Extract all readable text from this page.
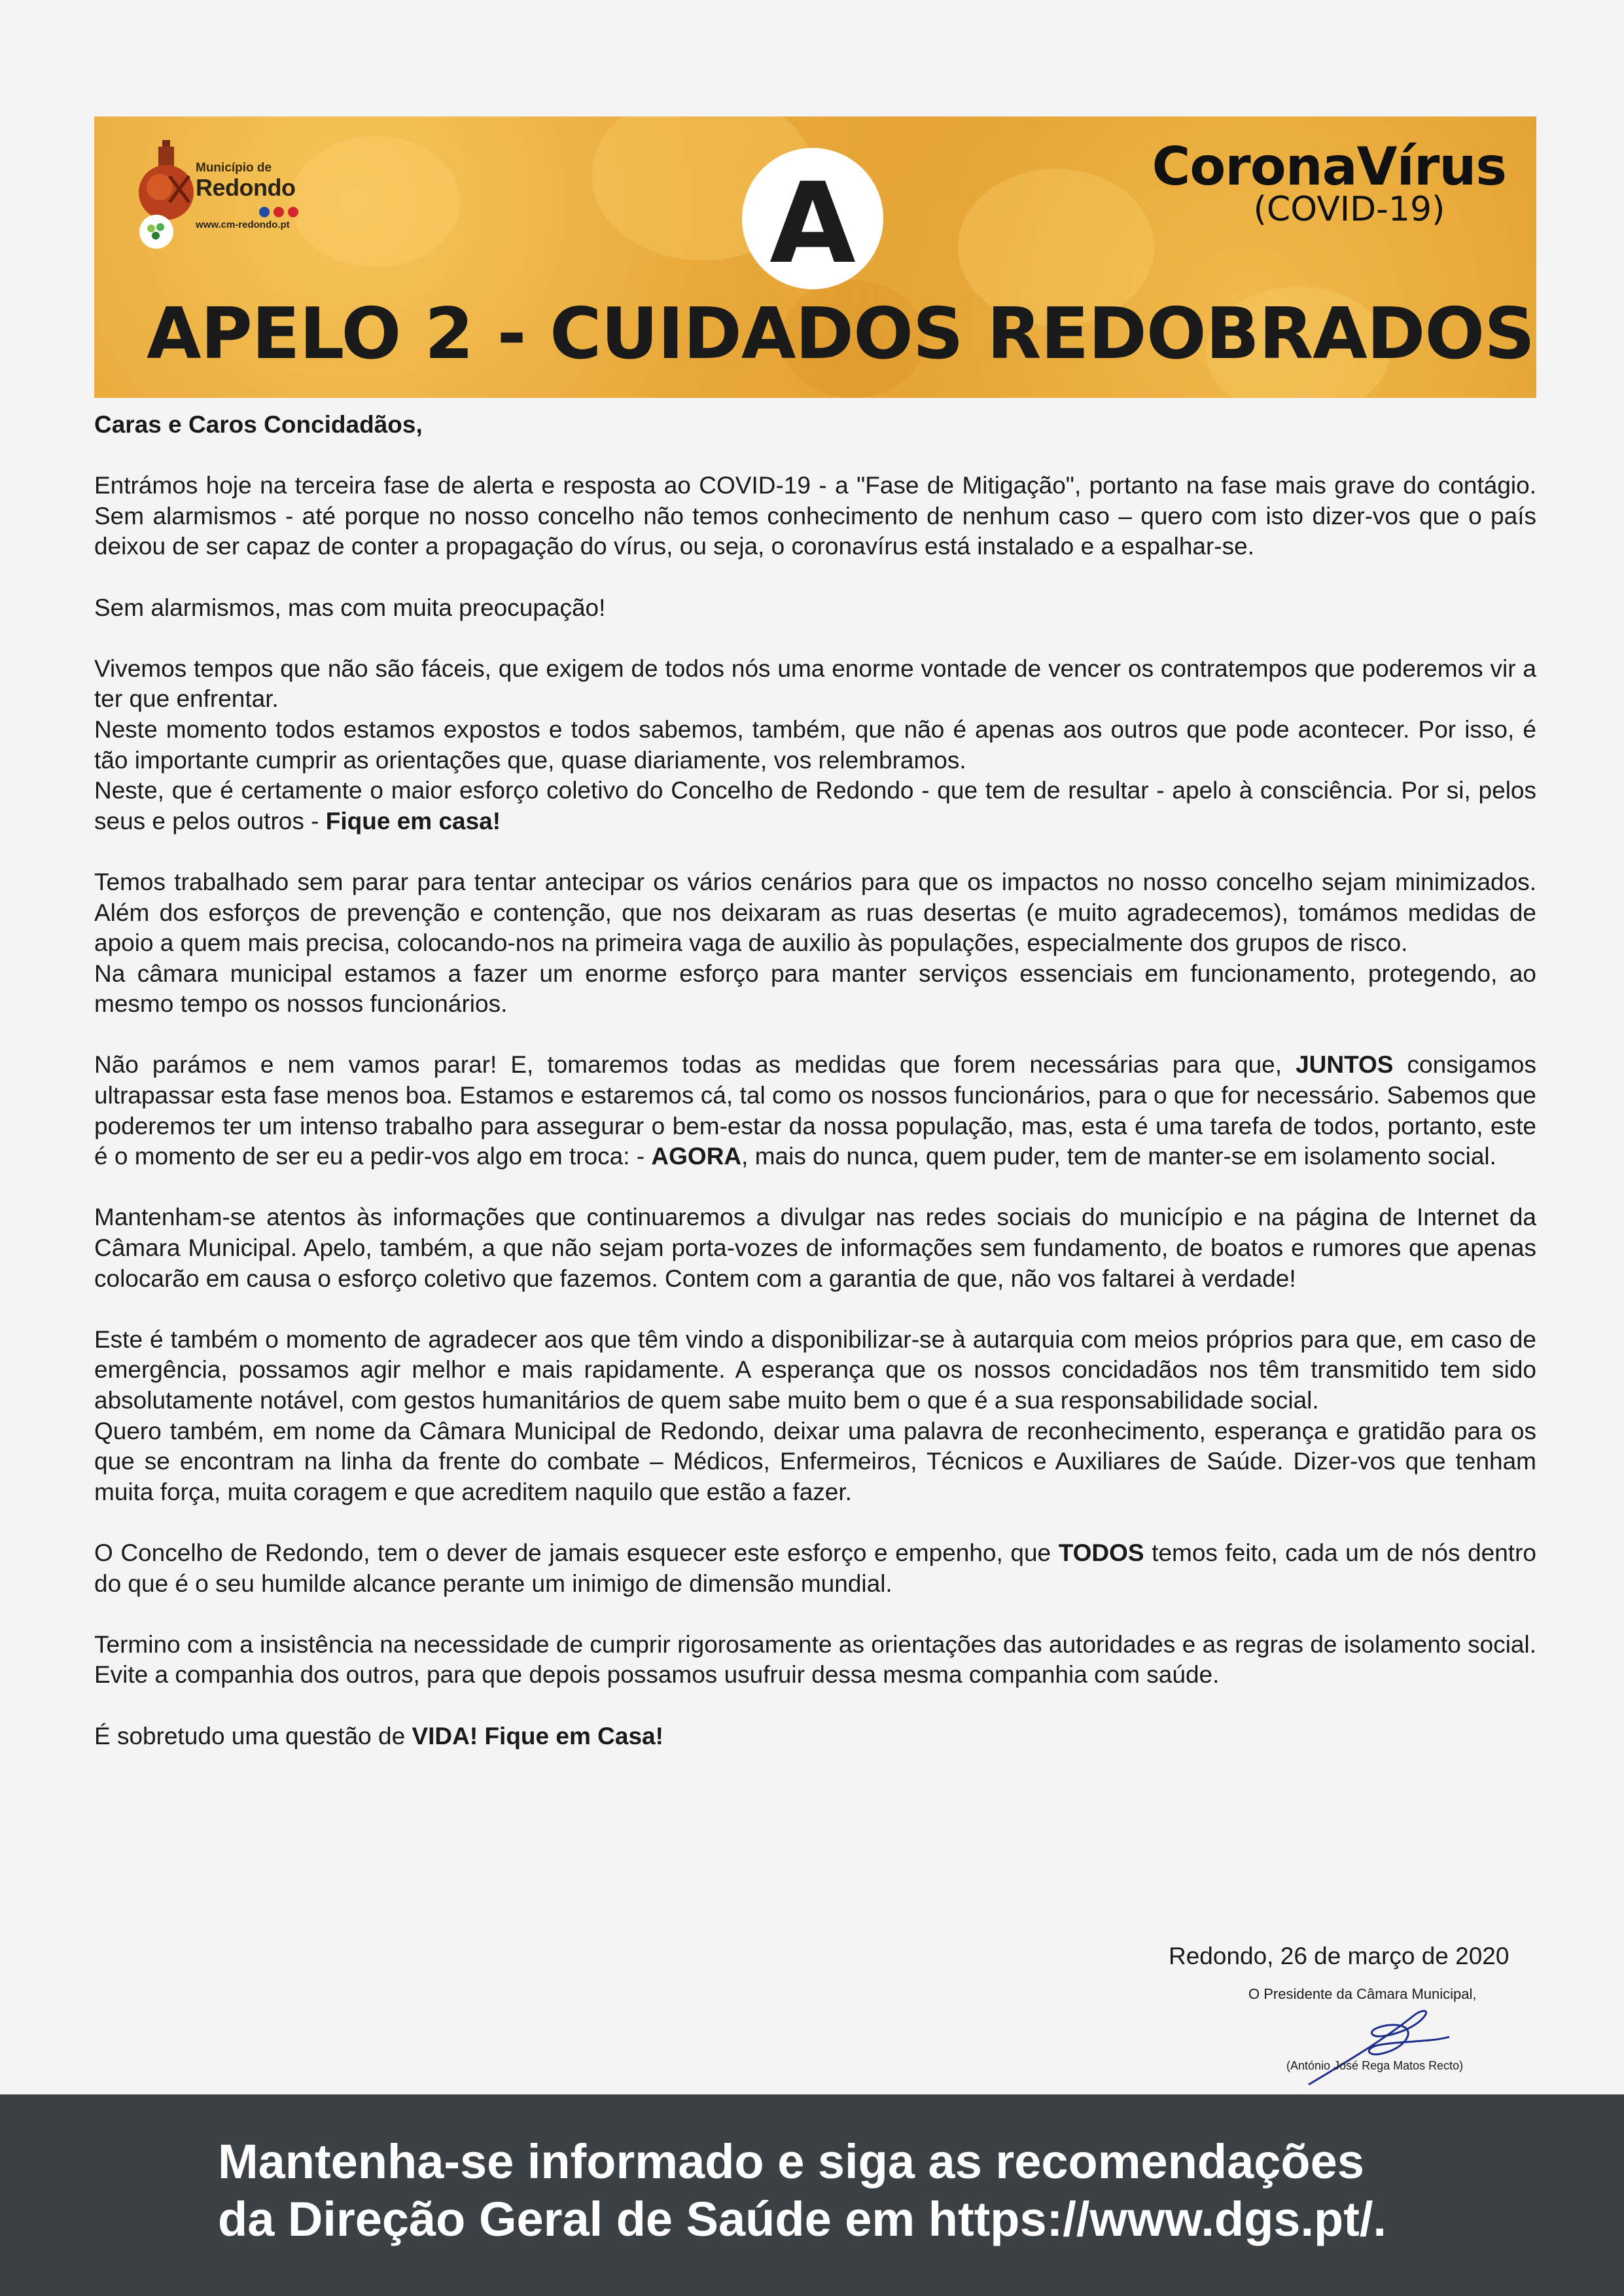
Município de
Redondo
www.cm-redondo.pt	A	CoronaVírus
(COVID-19)
APELO 2 - CUIDADOS REDOBRADOS

Caras e Caros Concidadãos,

Entrámos hoje na terceira fase de alerta e resposta ao COVID-19 - a "Fase de Mitigação", portanto na fase mais grave do contágio. Sem alarmismos - até porque no nosso concelho não temos conhecimento de nenhum caso – quero com isto dizer-vos que o país deixou de ser capaz de conter a propagação do vírus, ou seja, o coronavírus está instalado e a espalhar-se.

Sem alarmismos, mas com muita preocupação!

Vivemos tempos que não são fáceis, que exigem de todos nós uma enorme vontade de vencer os contratempos que poderemos vir a ter que enfrentar.

Neste momento todos estamos expostos e todos sabemos, também, que não é apenas aos outros que pode acontecer. Por isso, é tão importante cumprir as orientações que, quase diariamente, vos relembramos.

Neste, que é certamente o maior esforço coletivo do Concelho de Redondo - que tem de resultar - apelo à consciência. Por si, pelos seus e pelos outros - Fique em casa!

Temos trabalhado sem parar para tentar antecipar os vários cenários para que os impactos no nosso concelho sejam minimizados. Além dos esforços de prevenção e contenção, que nos deixaram as ruas desertas (e muito agradecemos), tomámos medidas de apoio a quem mais precisa, colocando-nos na primeira vaga de auxilio às populações, especialmente dos grupos de risco.

Na câmara municipal estamos a fazer um enorme esforço para manter serviços essenciais em funcionamento, protegendo, ao mesmo tempo os nossos funcionários.

Não parámos e nem vamos parar! E, tomaremos todas as medidas que forem necessárias para que, JUNTOS consigamos ultrapassar esta fase menos boa. Estamos e estaremos cá, tal como os nossos funcionários, para o que for necessário. Sabemos que poderemos ter um intenso trabalho para assegurar o bem-estar da nossa população, mas, esta é uma tarefa de todos, portanto, este é o momento de ser eu a pedir-vos algo em troca: - AGORA, mais do nunca, quem puder, tem de manter-se em isolamento social.

Mantenham-se atentos às informações que continuaremos a divulgar nas redes sociais do município e na página de Internet da Câmara Municipal. Apelo, também, a que não sejam porta-vozes de informações sem fundamento, de boatos e rumores que apenas colocarão em causa o esforço coletivo que fazemos. Contem com a garantia de que, não vos faltarei à verdade!

Este é também o momento de agradecer aos que têm vindo a disponibilizar-se à autarquia com meios próprios para que, em caso de emergência, possamos agir melhor e mais rapidamente. A esperança que os nossos concidadãos nos têm transmitido tem sido absolutamente notável, com gestos humanitários de quem sabe muito bem o que é a sua responsabilidade social.

Quero também, em nome da Câmara Municipal de Redondo, deixar uma palavra de reconhecimento, esperança e gratidão para os que se encontram na linha da frente do combate – Médicos, Enfermeiros, Técnicos e Auxiliares de Saúde. Dizer-vos que tenham muita força, muita coragem e que acreditem naquilo que estão a fazer.

O Concelho de Redondo, tem o dever de jamais esquecer este esforço e empenho, que TODOS temos feito, cada um de nós dentro do que é o seu humilde alcance perante um inimigo de dimensão mundial.

Termino com a insistência na necessidade de cumprir rigorosamente as orientações das autoridades e as regras de isolamento social. Evite a companhia dos outros, para que depois possamos usufruir dessa mesma companhia com saúde.

É sobretudo uma questão de VIDA! Fique em Casa!

Redondo, 26 de março de 2020
O Presidente da Câmara Municipal,
(António José Rega Matos Recto)
Mantenha-se informado e siga as recomendações
da Direção Geral de Saúde em https://www.dgs.pt/.
